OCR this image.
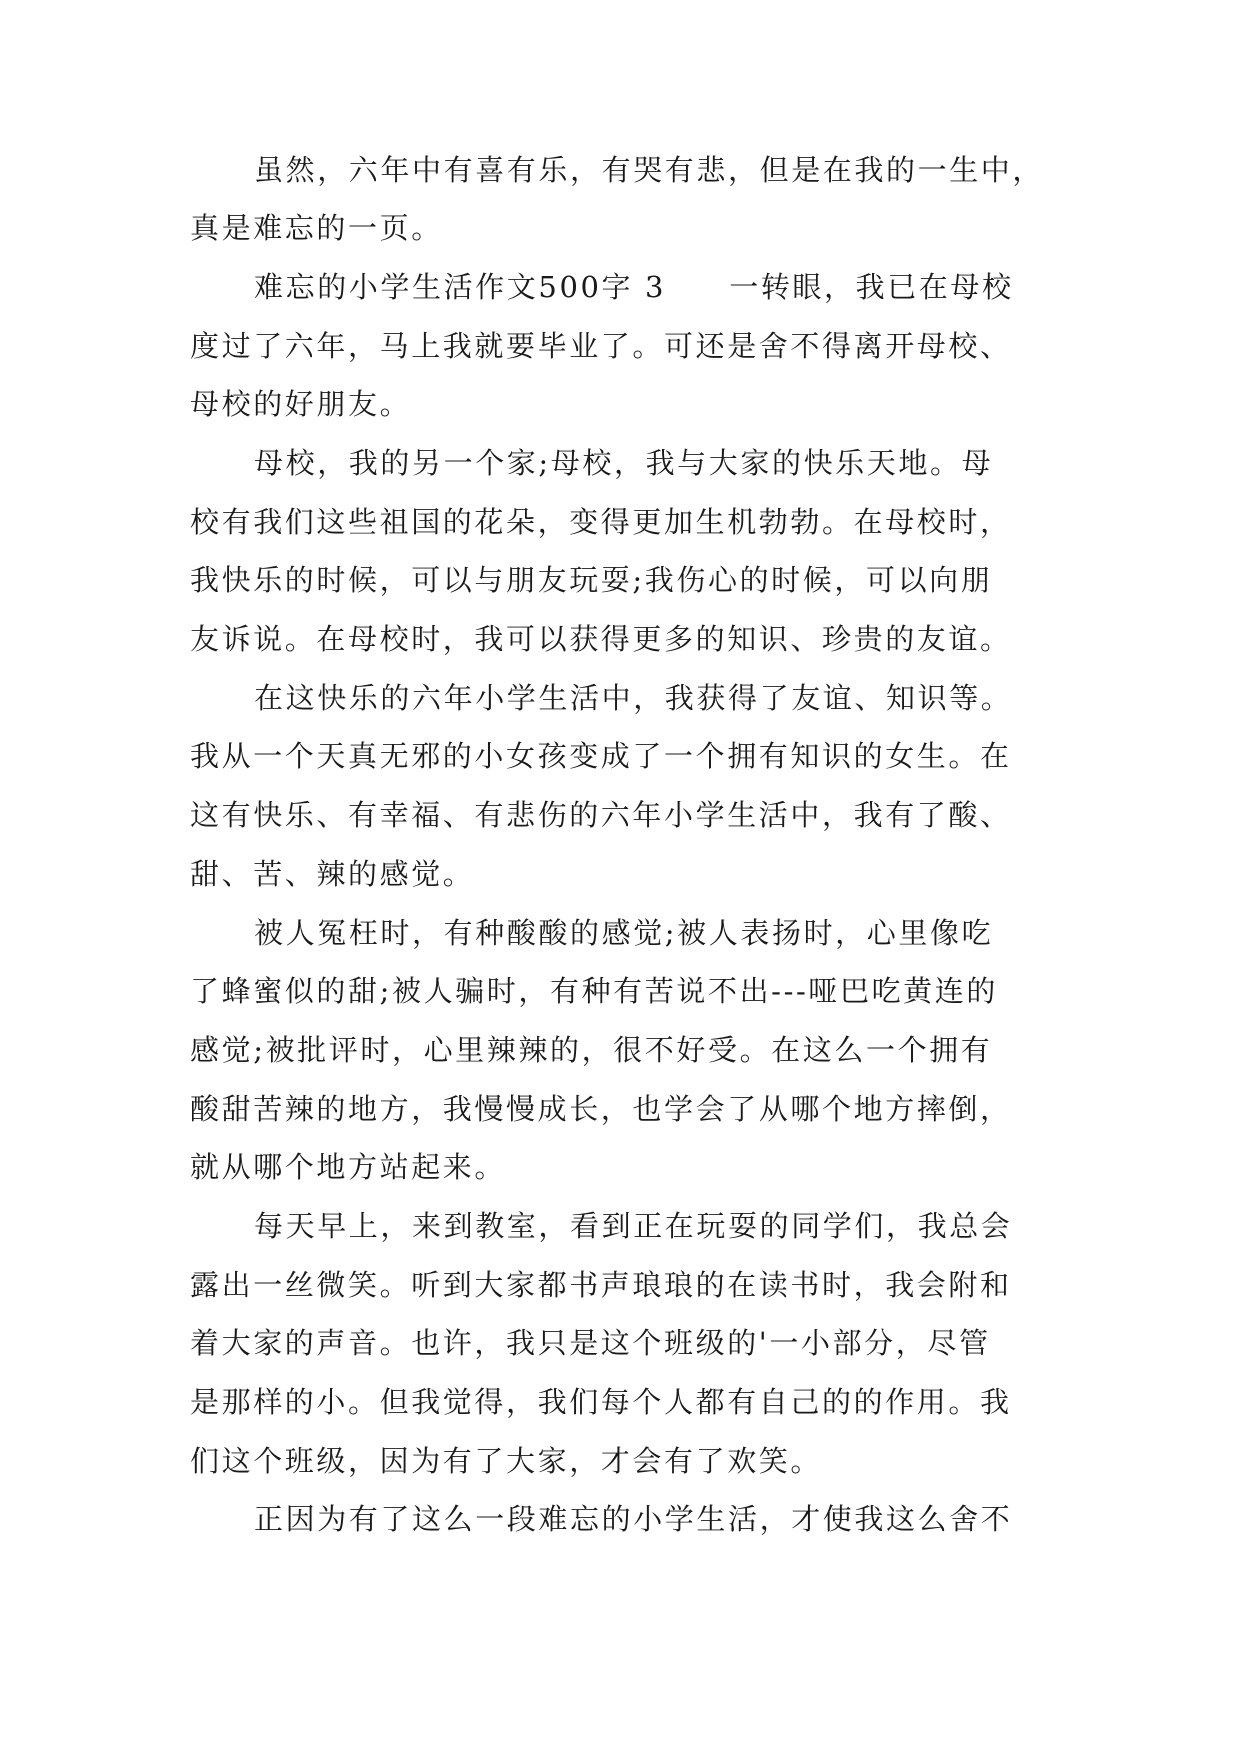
虽然，六年中有喜有乐，有哭有悲，但是在我的一生中，
真是难忘的一页。
难忘的小学生活作文500字 3　　一转眼，我已在母校
度过了六年，马上我就要毕业了。可还是舍不得离开母校、
母校的好朋友。
母校，我的另一个家;母校，我与大家的快乐天地。母
校有我们这些祖国的花朵，变得更加生机勃勃。在母校时，
我快乐的时候，可以与朋友玩耍;我伤心的时候，可以向朋
友诉说。在母校时，我可以获得更多的知识、珍贵的友谊。
在这快乐的六年小学生活中，我获得了友谊、知识等。
我从一个天真无邪的小女孩变成了一个拥有知识的女生。在
这有快乐、有幸福、有悲伤的六年小学生活中，我有了酸、
甜、苦、辣的感觉。
被人冤枉时，有种酸酸的感觉;被人表扬时，心里像吃
了蜂蜜似的甜;被人骗时，有种有苦说不出---哑巴吃黄连的
感觉;被批评时，心里辣辣的，很不好受。在这么一个拥有
酸甜苦辣的地方，我慢慢成长，也学会了从哪个地方摔倒，
就从哪个地方站起来。
每天早上，来到教室，看到正在玩耍的同学们，我总会
露出一丝微笑。听到大家都书声琅琅的在读书时，我会附和
着大家的声音。也许，我只是这个班级的'一小部分，尽管
是那样的小。但我觉得，我们每个人都有自己的的作用。我
们这个班级，因为有了大家，才会有了欢笑。
正因为有了这么一段难忘的小学生活，才使我这么舍不
